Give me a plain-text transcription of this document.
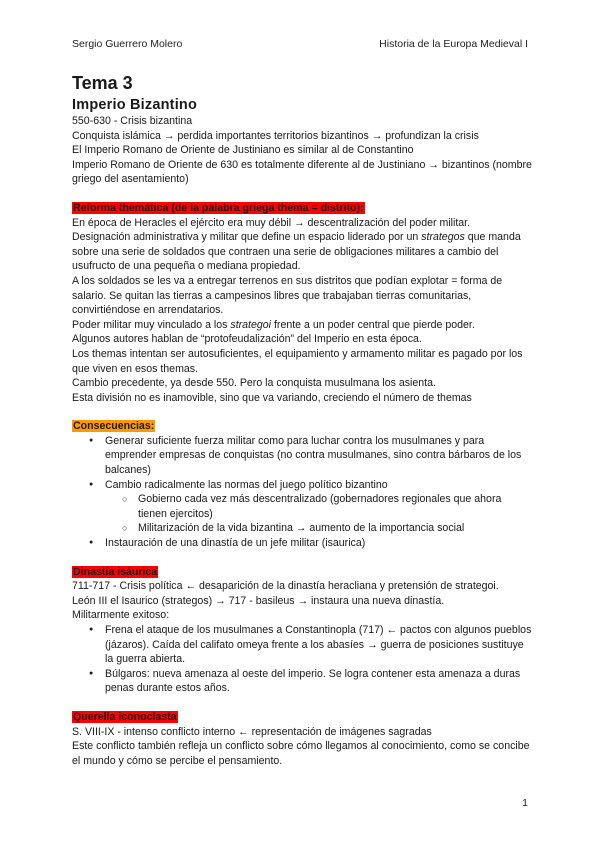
Sergio Guerrero Molero	Historia de la Europa Medieval I
Tema 3
Imperio Bizantino

550-630 - Crisis bizantina

Conquista islámica → perdida importantes territorios bizantinos → profundizan la crisis

El Imperio Romano de Oriente de Justiniano es similar al de Constantino

Imperio Romano de Oriente de 630 es totalmente diferente al de Justiniano → bizantinos (nombre griego del asentamiento)

Reforma themática (de la palabra griega thema = distrito):

En época de Heracles el ejército era muy débil → descentralización del poder militar.

Designación administrativa y militar que define un espacio liderado por un strategos que manda sobre una serie de soldados que contraen una serie de obligaciones militares a cambio del usufructo de una pequeña o mediana propiedad.

A los soldados se les va a entregar terrenos en sus distritos que podían explotar = forma de salario. Se quitan las tierras a campesinos libres que trabajaban tierras comunitarias, convirtiéndose en arrendatarios.

Poder militar muy vinculado a los strategoi frente a un poder central que pierde poder.

Algunos autores hablan de “protofeudalización” del Imperio en esta época.

Los themas intentan ser autosuficientes, el equipamiento y armamento militar es pagado por los que viven en esos themas.

Cambio precedente, ya desde 550. Pero la conquista musulmana los asienta.

Esta división no es inamovible, sino que va variando, creciendo el número de themas

Consecuencias:

● Generar suficiente fuerza militar como para luchar contra los musulmanes y para emprender empresas de conquistas (no contra musulmanes, sino contra bárbaros de los balcanes)
● Cambio radicalmente las normas del juego político bizantino
○ Gobierno cada vez más descentralizado (gobernadores regionales que ahora tienen ejercitos)
○ Militarización de la vida bizantina → aumento de la importancia social
● Instauración de una dinastía de un jefe militar (isaurica)

Dinastía isáurica

711-717 - Crisis política ← desaparición de la dinastía heracliana y pretensión de strategoi.

León III el Isaurico (strategos) → 717 - basileus → instaura una nueva dinastía.

Militarmente exitoso:

● Frena el ataque de los musulmanes a Constantinopla (717) ← pactos con algunos pueblos (jázaros). Caída del califato omeya frente a los abasíes → guerra de posiciones sustituye la guerra abierta.
● Búlgaros: nueva amenaza al oeste del imperio. Se logra contener esta amenaza a duras penas durante estos años.

Querella iconoclasta

S. VIII-IX - intenso conflicto interno ← representación de imágenes sagradas

Este conflicto también refleja un conflicto sobre cómo llegamos al conocimiento, como se concibe el mundo y cómo se percibe el pensamiento.

1
